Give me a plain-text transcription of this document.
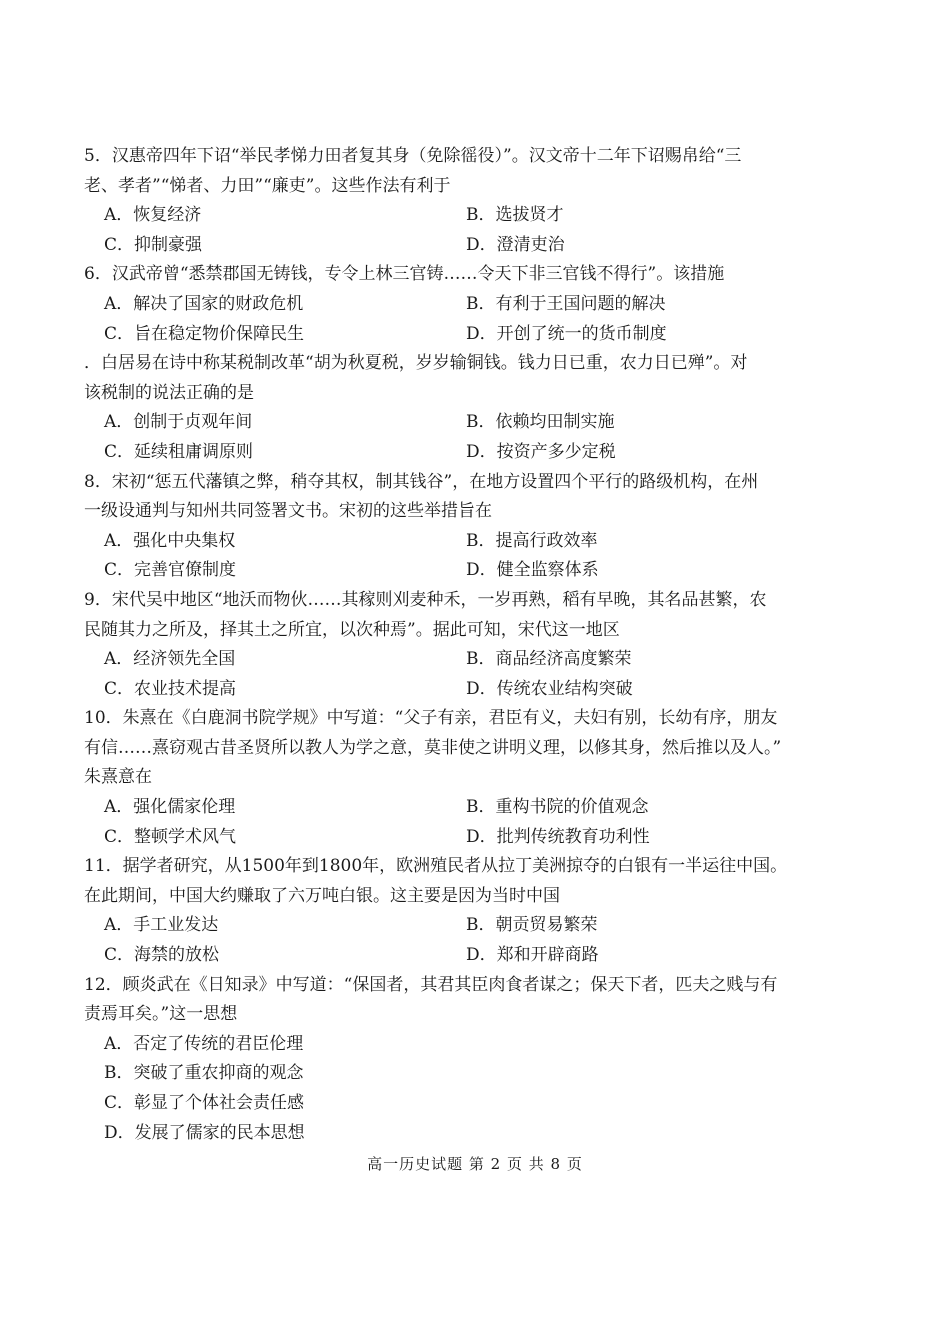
5．汉惠帝四年下诏“举民孝悌力田者复其身（免除徭役）”。汉文帝十二年下诏赐帛给“三
老、孝者”“悌者、力田”“廉吏”。这些作法有利于
A．恢复经济	B．选拔贤才
C．抑制豪强	D．澄清吏治
6．汉武帝曾“悉禁郡国无铸钱，专令上林三官铸……令天下非三官钱不得行”。该措施
A．解决了国家的财政危机	B．有利于王国问题的解决
C．旨在稳定物价保障民生	D．开创了统一的货币制度
．白居易在诗中称某税制改革“胡为秋夏税，岁岁输铜钱。钱力日已重，农力日已殚”。对
该税制的说法正确的是
A．创制于贞观年间	B．依赖均田制实施
C．延续租庸调原则	D．按资产多少定税
8．宋初“惩五代藩镇之弊，稍夺其权，制其钱谷”，在地方设置四个平行的路级机构，在州
一级设通判与知州共同签署文书。宋初的这些举措旨在
A．强化中央集权	B．提高行政效率
C．完善官僚制度	D．健全监察体系
9．宋代吴中地区“地沃而物伙……其稼则刈麦种禾，一岁再熟，稻有早晚，其名品甚繁，农
民随其力之所及，择其土之所宜，以次种焉”。据此可知，宋代这一地区
A．经济领先全国	B．商品经济高度繁荣
C．农业技术提高	D．传统农业结构突破
10．朱熹在《白鹿洞书院学规》中写道：“父子有亲，君臣有义，夫妇有别，长幼有序，朋友
有信……熹窃观古昔圣贤所以教人为学之意，莫非使之讲明义理，以修其身，然后推以及人。”
朱熹意在
A．强化儒家伦理	B．重构书院的价值观念
C．整顿学术风气	D．批判传统教育功利性
11．据学者研究，从1500年到1800年，欧洲殖民者从拉丁美洲掠夺的白银有一半运往中国。
在此期间，中国大约赚取了六万吨白银。这主要是因为当时中国
A．手工业发达	B．朝贡贸易繁荣
C．海禁的放松	D．郑和开辟商路
12．顾炎武在《日知录》中写道：“保国者，其君其臣肉食者谋之；保天下者，匹夫之贱与有
责焉耳矣。”这一思想
A．否定了传统的君臣伦理
B．突破了重农抑商的观念
C．彰显了个体社会责任感
D．发展了儒家的民本思想
高一历史试题 第 2 页 共 8 页
